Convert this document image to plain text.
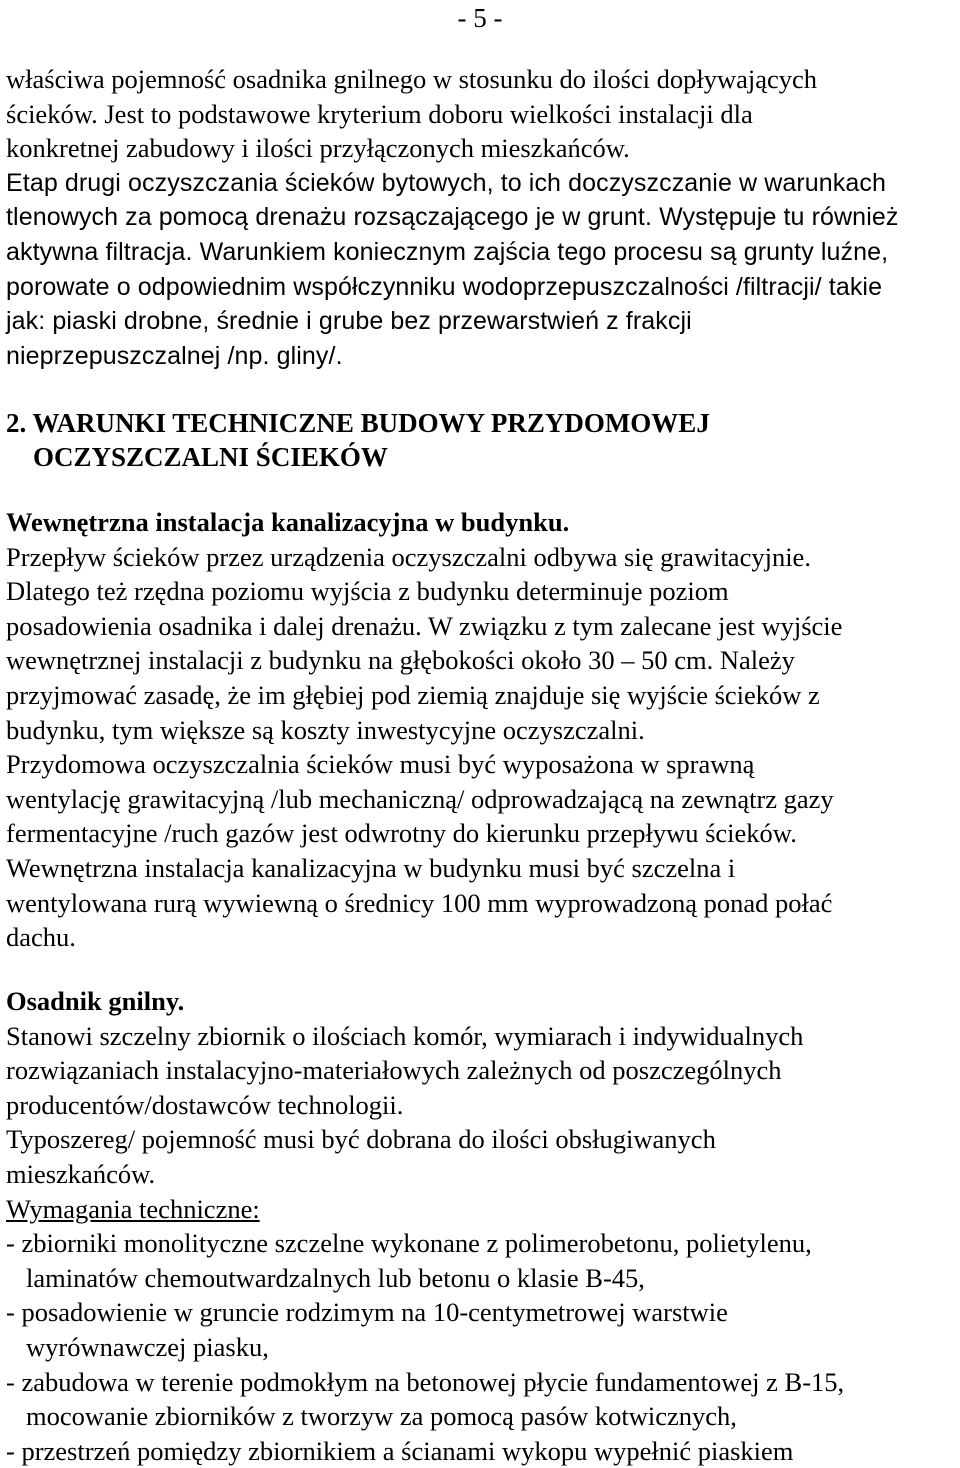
- 5 -
właściwa pojemność osadnika gnilnego w stosunku do ilości dopływających
ścieków. Jest to podstawowe kryterium doboru wielkości instalacji dla
konkretnej zabudowy i ilości przyłączonych mieszkańców.
Etap drugi oczyszczania ścieków bytowych, to ich doczyszczanie w warunkach
tlenowych za pomocą drenażu rozsączającego je w grunt. Występuje tu również
aktywna filtracja. Warunkiem koniecznym zajścia tego procesu są grunty luźne,
porowate o odpowiednim współczynniku wodoprzepuszczalności /filtracji/ takie
jak: piaski drobne, średnie i grube bez przewarstwień z frakcji
nieprzepuszczalnej /np. gliny/.
2. WARUNKI TECHNICZNE BUDOWY PRZYDOMOWEJ
OCZYSZCZALNI ŚCIEKÓW
Wewnętrzna instalacja kanalizacyjna w budynku.
Przepływ ścieków przez urządzenia oczyszczalni odbywa się grawitacyjnie.
Dlatego też rzędna poziomu wyjścia z budynku determinuje poziom
posadowienia osadnika i dalej drenażu. W związku z tym zalecane jest wyjście
wewnętrznej instalacji z budynku na głębokości około 30 – 50 cm. Należy
przyjmować zasadę, że im głębiej pod ziemią znajduje się wyjście ścieków z
budynku, tym większe są koszty inwestycyjne oczyszczalni.
Przydomowa oczyszczalnia ścieków musi być wyposażona w sprawną
wentylację grawitacyjną /lub mechaniczną/ odprowadzającą na zewnątrz gazy
fermentacyjne /ruch gazów jest odwrotny do kierunku przepływu ścieków.
Wewnętrzna instalacja kanalizacyjna w budynku musi być szczelna i
wentylowana rurą wywiewną o średnicy 100 mm wyprowadzoną ponad połać
dachu.
Osadnik gnilny.
Stanowi szczelny zbiornik o ilościach komór, wymiarach i indywidualnych
rozwiązaniach instalacyjno-materiałowych zależnych od poszczególnych
producentów/dostawców technologii.
Typoszereg/ pojemność musi być dobrana do ilości obsługiwanych
mieszkańców.
Wymagania techniczne:
- zbiorniki monolityczne szczelne wykonane z polimerobetonu, polietylenu,
laminatów chemoutwardzalnych lub betonu o klasie B-45,
- posadowienie w gruncie rodzimym na 10-centymetrowej warstwie
wyrównawczej piasku,
- zabudowa w terenie podmokłym na betonowej płycie fundamentowej z B-15,
mocowanie zbiorników z tworzyw za pomocą pasów kotwicznych,
- przestrzeń pomiędzy zbiornikiem a ścianami wykopu wypełnić piaskiem
